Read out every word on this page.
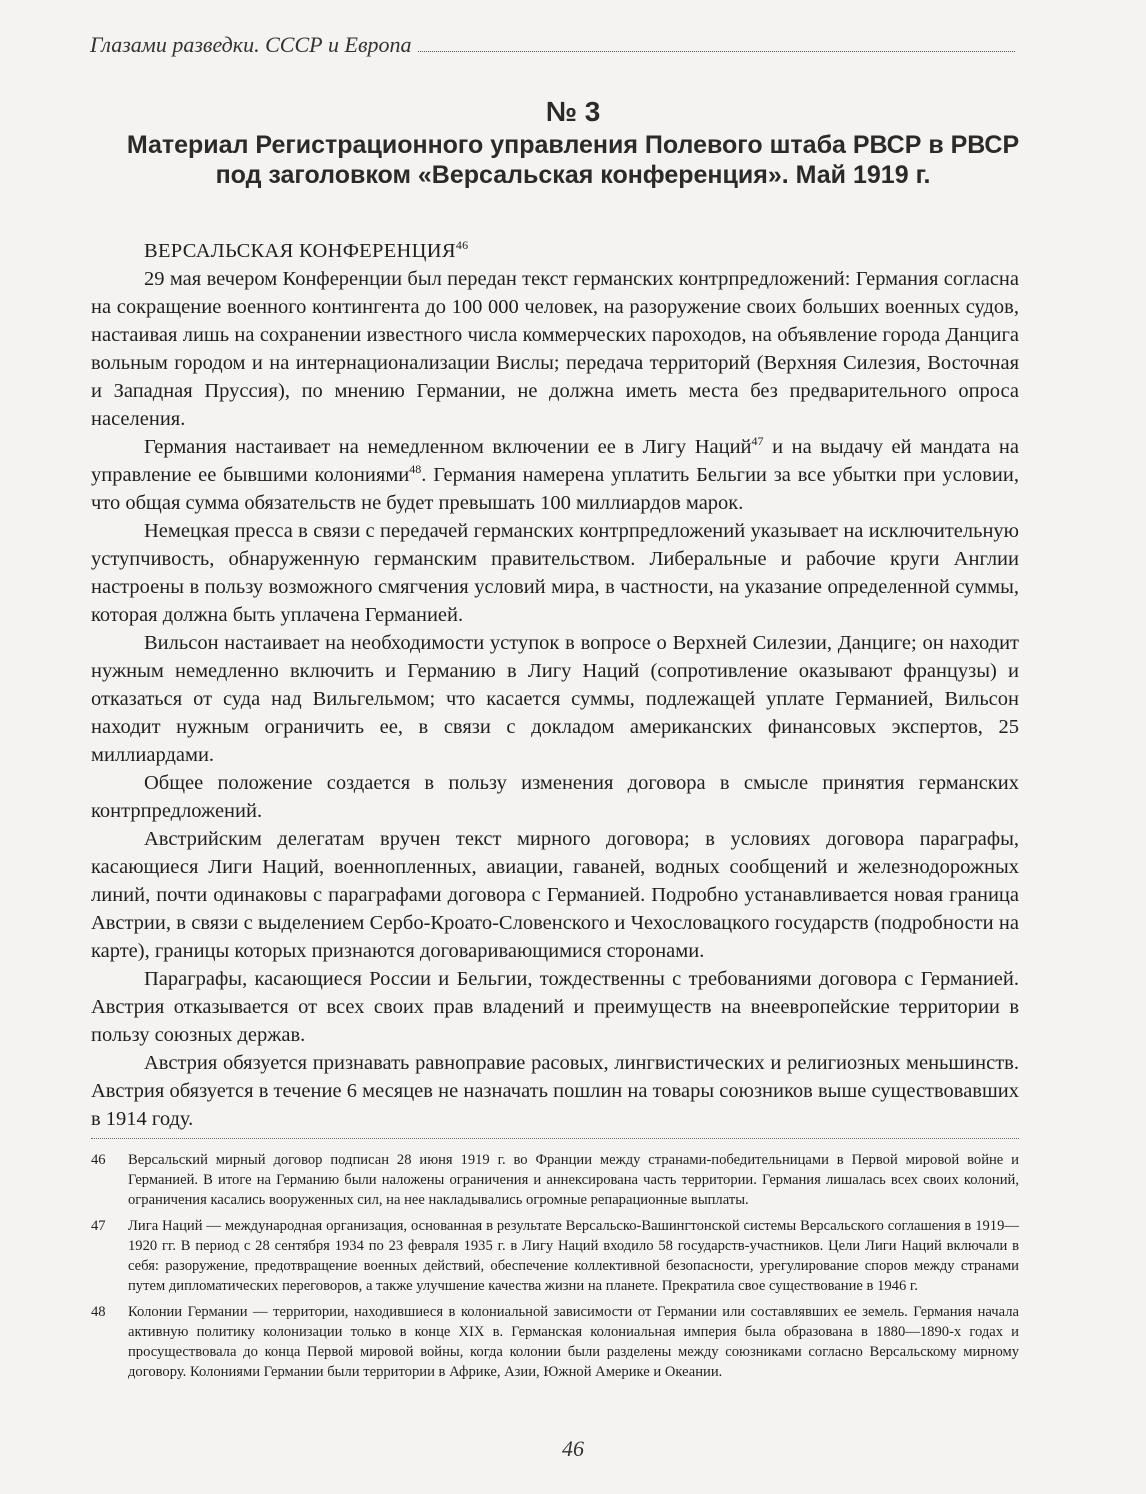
Глазами разведки. СССР и Европа
№ 3
Материал Регистрационного управления Полевого штаба РВСР в РВСР
под заголовком «Версальская конференция». Май 1919 г.
ВЕРСАЛЬСКАЯ КОНФЕРЕНЦИЯ$^{46}$

29 мая вечером Конференции был передан текст германских контрпредложений: Германия согласна на сокращение военного контингента до 100 000 человек, на разоружение своих больших военных судов, настаивая лишь на сохранении известного числа коммерческих пароходов, на объявление города Данцига вольным городом и на интернационализации Вислы; передача территорий (Верхняя Силезия, Восточная и Западная Пруссия), по мнению Германии, не должна иметь места без предварительного опроса населения.

Германия настаивает на немедленном включении ее в Лигу Наций$^{47}$ и на выдачу ей мандата на управление ее бывшими колониями$^{48}$. Германия намерена уплатить Бельгии за все убытки при условии, что общая сумма обязательств не будет превышать 100 миллиардов марок.

Немецкая пресса в связи с передачей германских контрпредложений указывает на исключительную уступчивость, обнаруженную германским правительством. Либеральные и рабочие круги Англии настроены в пользу возможного смягчения условий мира, в частности, на указание определенной суммы, которая должна быть уплачена Германией.

Вильсон настаивает на необходимости уступок в вопросе о Верхней Силезии, Данциге; он находит нужным немедленно включить и Германию в Лигу Наций (сопротивление оказывают французы) и отказаться от суда над Вильгельмом; что касается суммы, подлежащей уплате Германией, Вильсон находит нужным ограничить ее, в связи с докладом американских финансовых экспертов, 25 миллиардами.

Общее положение создается в пользу изменения договора в смысле принятия германских контрпредложений.

Австрийским делегатам вручен текст мирного договора; в условиях договора параграфы, касающиеся Лиги Наций, военнопленных, авиации, гаваней, водных сообщений и железнодорожных линий, почти одинаковы с параграфами договора с Германией. Подробно устанавливается новая граница Австрии, в связи с выделением Сербо-Кроато-Словенского и Чехословацкого государств (подробности на карте), границы которых признаются договаривающимися сторонами.

Параграфы, касающиеся России и Бельгии, тождественны с требованиями договора с Германией. Австрия отказывается от всех своих прав владений и преимуществ на внеевропейские территории в пользу союзных держав.

Австрия обязуется признавать равноправие расовых, лингвистических и религиозных меньшинств. Австрия обязуется в течение 6 месяцев не назначать пошлин на товары союзников выше существовавших в 1914 году.

46	Версальский мирный договор подписан 28 июня 1919 г. во Франции между странами-победительницами в Первой мировой войне и Германией. В итоге на Германию были наложены ограничения и аннексирована часть территории. Германия лишалась всех своих колоний, ограничения касались вооруженных сил, на нее накладывались огромные репарационные выплаты.
47	Лига Наций — международная организация, основанная в результате Версальско-Вашингтонской системы Версальского соглашения в 1919—1920 гг. В период с 28 сентября 1934 по 23 февраля 1935 г. в Лигу Наций входило 58 государств-участников. Цели Лиги Наций включали в себя: разоружение, предотвращение военных действий, обеспечение коллективной безопасности, урегулирование споров между странами путем дипломатических переговоров, а также улучшение качества жизни на планете. Прекратила свое существование в 1946 г.
48	Колонии Германии — территории, находившиеся в колониальной зависимости от Германии или составлявших ее земель. Германия начала активную политику колонизации только в конце XIX в. Германская колониальная империя была образована в 1880—1890-х годах и просуществовала до конца Первой мировой войны, когда колонии были разделены между союзниками согласно Версальскому мирному договору. Колониями Германии были территории в Африке, Азии, Южной Америке и Океании.
46
